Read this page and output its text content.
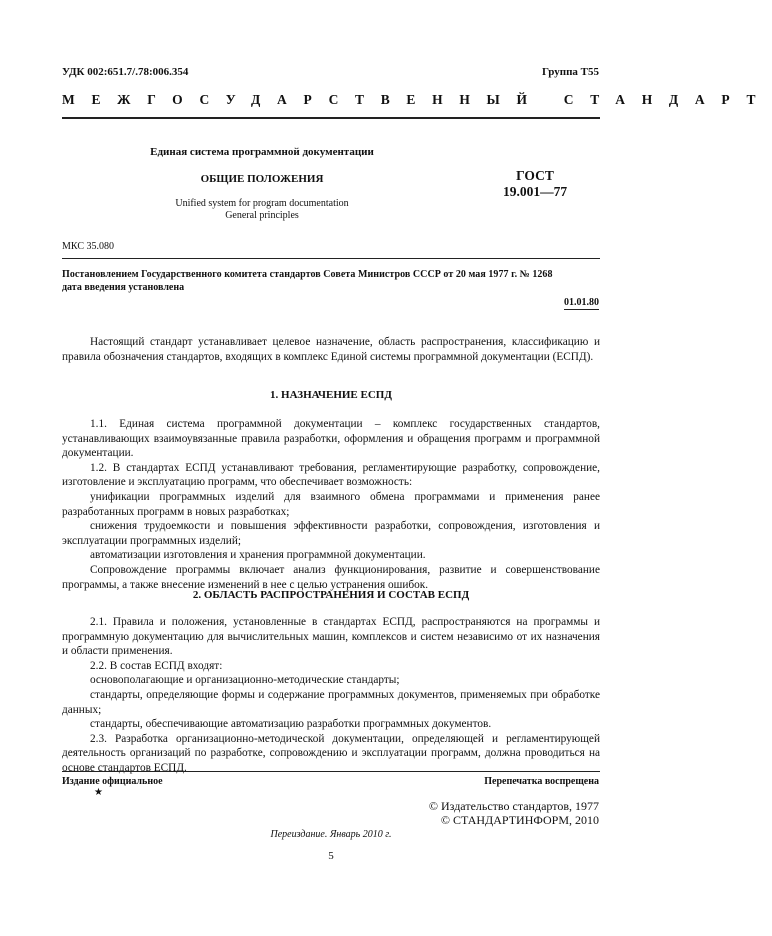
УДК 002:651.7/.78:006.354	Группа Т55
МЕЖГОСУДАРСТВЕННЫЙ СТАНДАРТ
Единая система программной документации
ОБЩИЕ ПОЛОЖЕНИЯ
Unified system for program documentation
General principles
ГОСТ
19.001—77
МКС 35.080
Постановлением Государственного комитета стандартов Совета Министров СССР от 20 мая 1977 г. № 1268
дата введения установлена
01.01.80

Настоящий стандарт устанавливает целевое назначение, область распространения, классификацию и правила обозначения стандартов, входящих в комплекс Единой системы программной документации (ЕСПД).

1. НАЗНАЧЕНИЕ ЕСПД

1.1. Единая система программной документации – комплекс государственных стандартов, устанавливающих взаимоувязанные правила разработки, оформления и обращения программ и программной документации.

1.2. В стандартах ЕСПД устанавливают требования, регламентирующие разработку, сопровождение, изготовление и эксплуатацию программ, что обеспечивает возможность:

унификации программных изделий для взаимного обмена программами и применения ранее разработанных программ в новых разработках;

снижения трудоемкости и повышения эффективности разработки, сопровождения, изготовления и эксплуатации программных изделий;

автоматизации изготовления и хранения программной документации.

Сопровождение программы включает анализ функционирования, развитие и совершенствование программы, а также внесение изменений в нее с целью устранения ошибок.

2. ОБЛАСТЬ РАСПРОСТРАНЕНИЯ И СОСТАВ ЕСПД

2.1. Правила и положения, установленные в стандартах ЕСПД, распространяются на программы и программную документацию для вычислительных машин, комплексов и систем независимо от их назначения и области применения.

2.2. В состав ЕСПД входят:

основополагающие и организационно-методические стандарты;

стандарты, определяющие формы и содержание программных документов, применяемых при обработке данных;

стандарты, обеспечивающие автоматизацию разработки программных документов.

2.3. Разработка организационно-методической документации, определяющей и регламентирующей деятельность организаций по разработке, сопровождению и эксплуатации программ, должна проводиться на основе стандартов ЕСПД.

Издание официальное	Перепечатка воспрещена
★
© Издательство стандартов, 1977
© СТАНДАРТИНФОРМ, 2010
Переиздание. Январь 2010 г.
5
